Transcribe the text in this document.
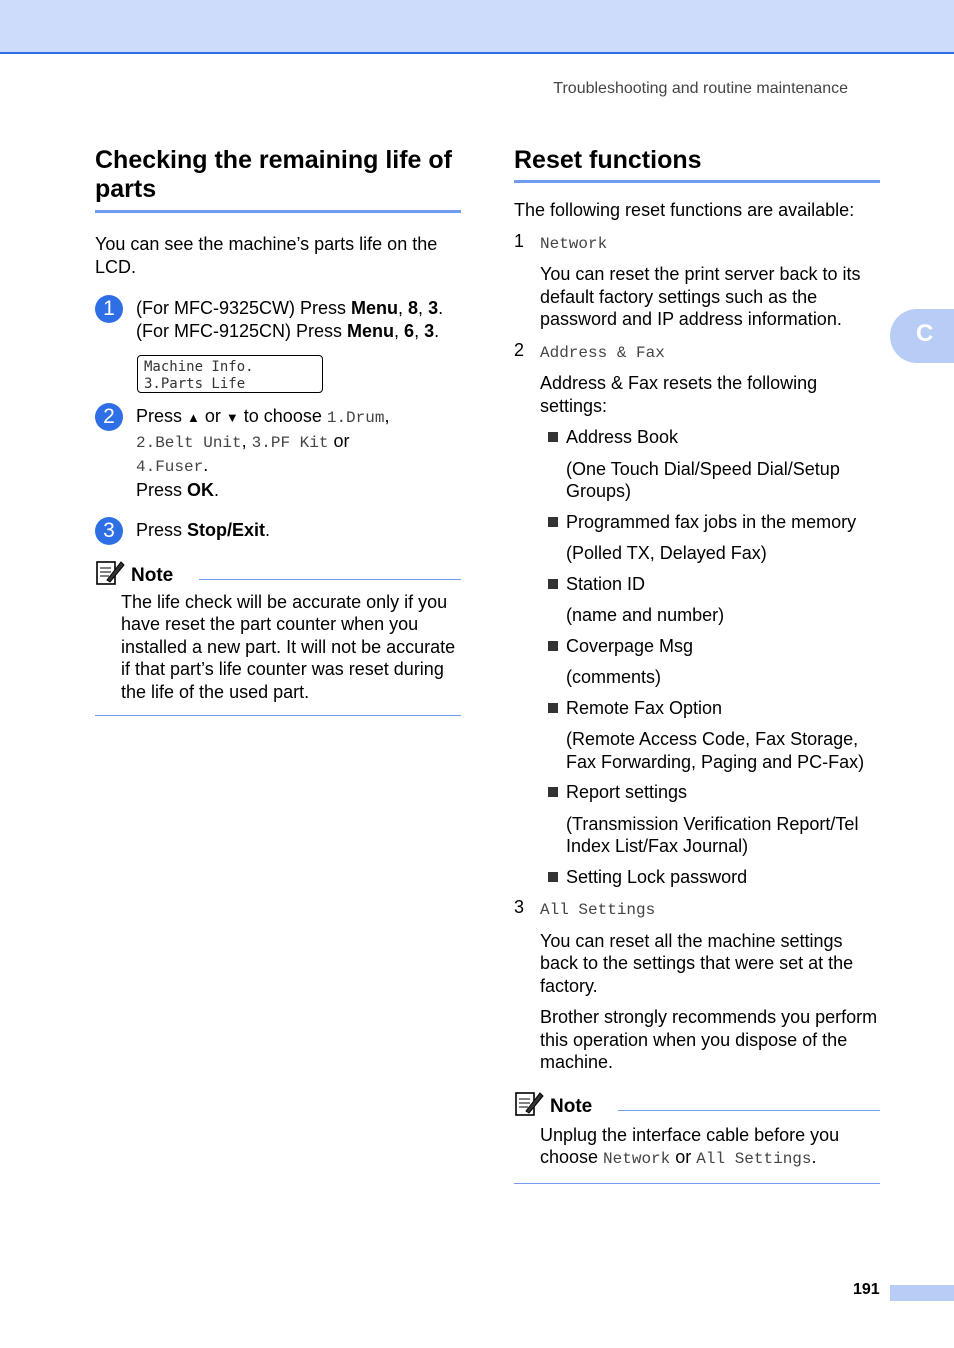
Troubleshooting and routine maintenance
Checking the remaining life of parts

You can see the machine’s parts life on the LCD.

1	(For MFC-9325CW) Press Menu, 8, 3.

(For MFC-9125CN) Press Menu, 6, 3.

Machine Info.
3.Parts Life
2	Press ▲ or ▼ to choose 1.Drum,
2.Belt Unit, 3.PF Kit or
4.Fuser.
Press OK.

3	Press Stop/Exit.

Note

The life check will be accurate only if you have reset the part counter when you installed a new part. It will not be accurate if that part’s life counter was reset during the life of the used part.

Reset functions

The following reset functions are available:

1 Network

You can reset the print server back to its default factory settings such as the password and IP address information.

2 Address & Fax

Address & Fax resets the following settings:

Address Book

(One Touch Dial/Speed Dial/Setup Groups)

Programmed fax jobs in the memory

(Polled TX, Delayed Fax)

Station ID

(name and number)

Coverpage Msg

(comments)

Remote Fax Option

(Remote Access Code, Fax Storage, Fax Forwarding, Paging and PC-Fax)

Report settings

(Transmission Verification Report/Tel Index List/Fax Journal)

Setting Lock password

3 All Settings

You can reset all the machine settings back to the settings that were set at the factory.

Brother strongly recommends you perform this operation when you dispose of the machine.

Note

Unplug the interface cable before you
choose Network or All Settings.

C
191
